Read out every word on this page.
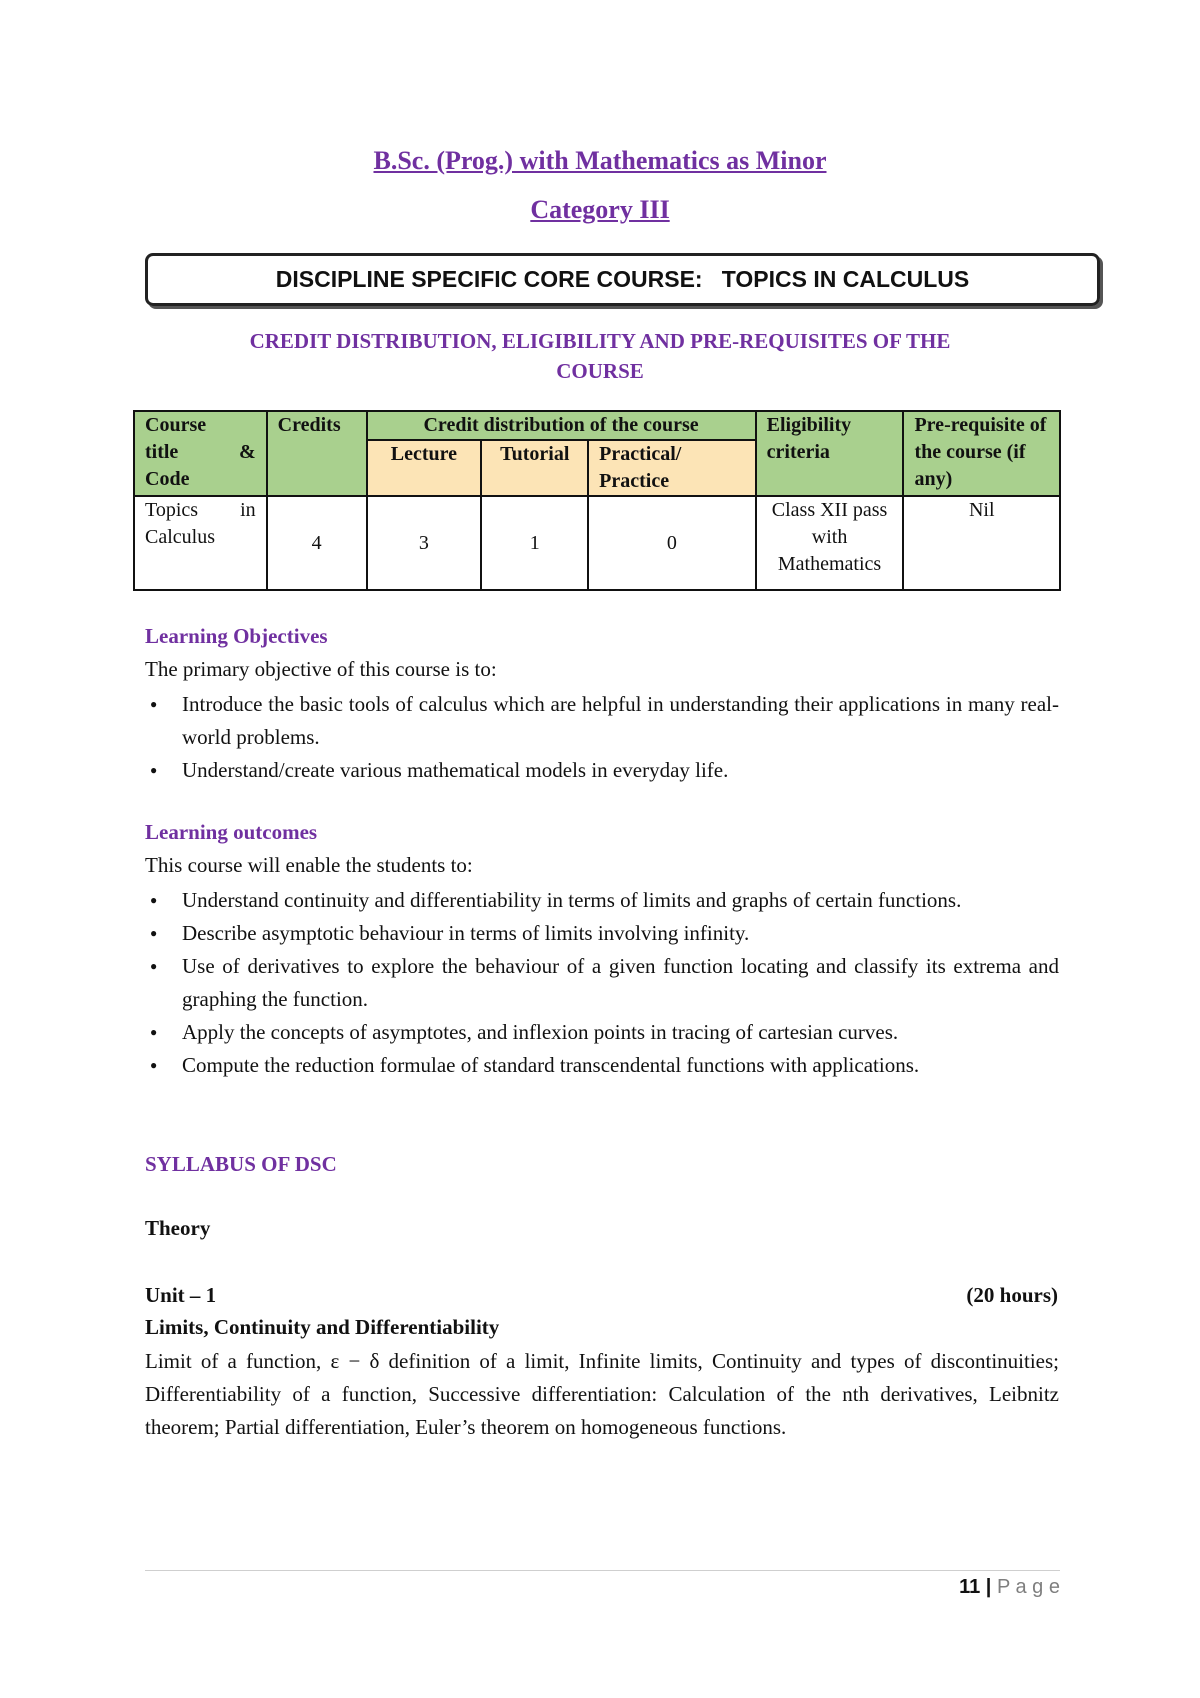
B.Sc. (Prog.) with Mathematics as Minor
Category III
DISCIPLINE SPECIFIC CORE COURSE:   TOPICS IN CALCULUS
CREDIT DISTRIBUTION, ELIGIBILITY AND PRE-REQUISITES OF THE
COURSE
Course
title &
Code	Credits	Credit distribution of the course			Eligibility criteria	Pre-requisite of the course (if any)
		Lecture	Tutorial	Practical/ Practice		

Topics in
Calculus	4	3	1	0	Class XII pass with Mathematics	Nil
Learning Objectives
The primary objective of this course is to:
● Introduce the basic tools of calculus which are helpful in understanding their applications in many real-world problems.
● Understand/create various mathematical models in everyday life.
Learning outcomes
This course will enable the students to:
● Understand continuity and differentiability in terms of limits and graphs of certain functions.
● Describe asymptotic behaviour in terms of limits involving infinity.
● Use of derivatives to explore the behaviour of a given function locating and classify its extrema and graphing the function.
● Apply the concepts of asymptotes, and inflexion points in tracing of cartesian curves.
● Compute the reduction formulae of standard transcendental functions with applications.
SYLLABUS OF DSC
Theory
Unit – 1	(20 hours)
Limits, Continuity and Differentiability
Limit of a function, ε − δ definition of a limit, Infinite limits, Continuity and types of discontinuities; Differentiability of a function, Successive differentiation: Calculation of the nth derivatives, Leibnitz theorem; Partial differentiation, Euler’s theorem on homogeneous functions.
11 | P a g e
